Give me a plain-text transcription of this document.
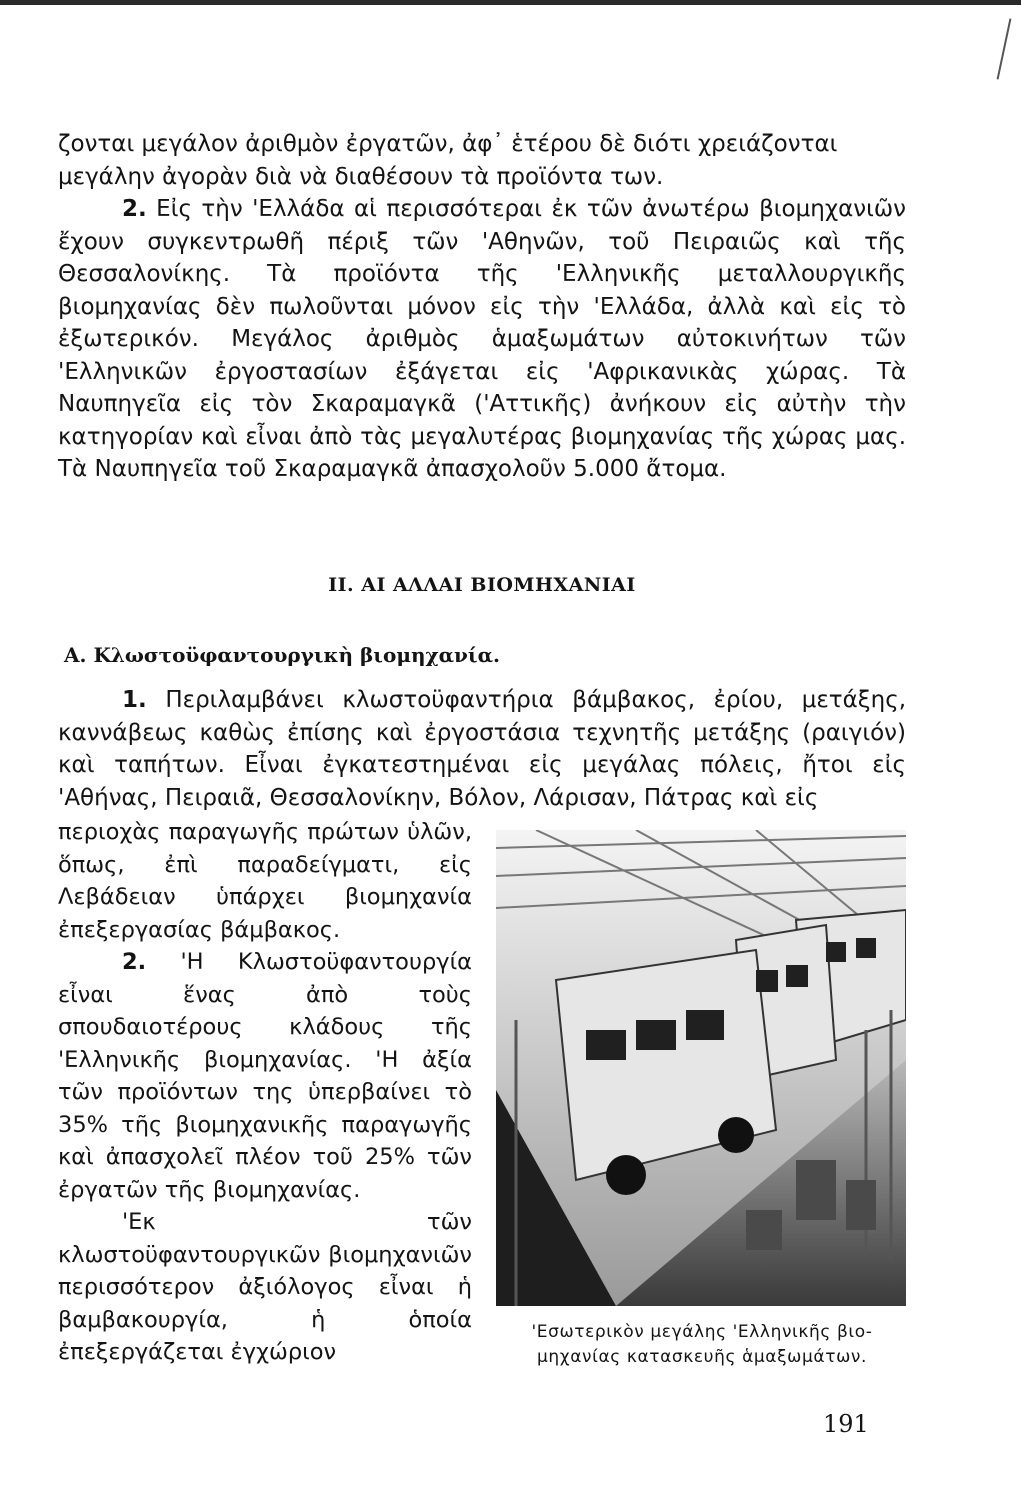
ζονται μεγάλον ἀριθμὸν ἐργατῶν, ἀφ᾽ ἑτέρου δὲ διότι χρειάζονται

μεγάλην ἀγορὰν διὰ νὰ διαθέσουν τὰ προϊόντα των.

2. Εἰς τὴν 'Ελλάδα αἱ περισσότεραι ἐκ τῶν ἀνωτέρω βιομηχανιῶν ἔχουν συγκεντρωθῆ πέριξ τῶν 'Αθηνῶν, τοῦ Πειραιῶς καὶ τῆς Θεσσαλονίκης. Τὰ προϊόντα τῆς 'Ελληνικῆς μεταλλουργικῆς βιομηχανίας δὲν πωλοῦνται μόνον εἰς τὴν 'Ελλάδα, ἀλλὰ καὶ εἰς τὸ ἐξωτερικόν. Μεγάλος ἀριθμὸς ἁμαξωμάτων αὐτοκινήτων τῶν 'Ελληνικῶν ἐργοστασίων ἐξάγεται εἰς 'Αφρικανικὰς χώρας. Τὰ Ναυπηγεῖα εἰς τὸν Σκαραμαγκᾶ ('Αττικῆς) ἀνήκουν εἰς αὐτὴν τὴν κατηγορίαν καὶ εἶναι ἀπὸ τὰς μεγαλυτέρας βιομηχανίας τῆς χώρας μας. Τὰ Ναυπηγεῖα τοῦ Σκαραμαγκᾶ ἀπασχολοῦν 5.000 ἄτομα.

ΙΙ. ΑΙ ΑΛΛΑΙ ΒΙΟΜΗΧΑΝΙΑΙ
Α. Κλωστοϋφαντουργικὴ βιομηχανία.

1. Περιλαμβάνει κλωστοϋφαντήρια βάμβακος, ἐρίου, μετάξης, καννάβεως καθὼς ἐπίσης καὶ ἐργοστάσια τεχνητῆς μετάξης (ραιγιόν) καὶ ταπήτων. Εἶναι ἐγκατεστημέναι εἰς μεγάλας πόλεις, ἤτοι εἰς 'Αθήνας, Πειραιᾶ, Θεσσαλονίκην, Βόλον, Λάρισαν, Πάτρας καὶ εἰς

περιοχὰς παραγωγῆς πρώτων ὑλῶν, ὅπως, ἐπὶ παραδείγματι, εἰς Λεβάδειαν ὑπάρχει βιομηχανία ἐπεξεργασίας βάμβακος.

2. 'Η Κλωστοϋφαντουργία εἶναι ἕνας ἀπὸ τοὺς σπουδαιοτέρους κλάδους τῆς 'Ελληνικῆς βιομηχανίας. 'Η ἀξία τῶν προϊόντων της ὑπερβαίνει τὸ 35% τῆς βιομηχανικῆς παραγωγῆς καὶ ἀπασχολεῖ πλέον τοῦ 25% τῶν ἐργατῶν τῆς βιομηχανίας.

'Εκ τῶν κλωστοϋφαντουργικῶν βιομηχανιῶν περισσότερον ἀξιόλογος εἶναι ἡ βαμβακουργία, ἡ ὁποία ἐπεξεργάζεται ἐγχώριον

'Εσωτερικὸν μεγάλης 'Ελληνικῆς βιο-
μηχανίας κατασκευῆς ἁμαξωμάτων.
191
